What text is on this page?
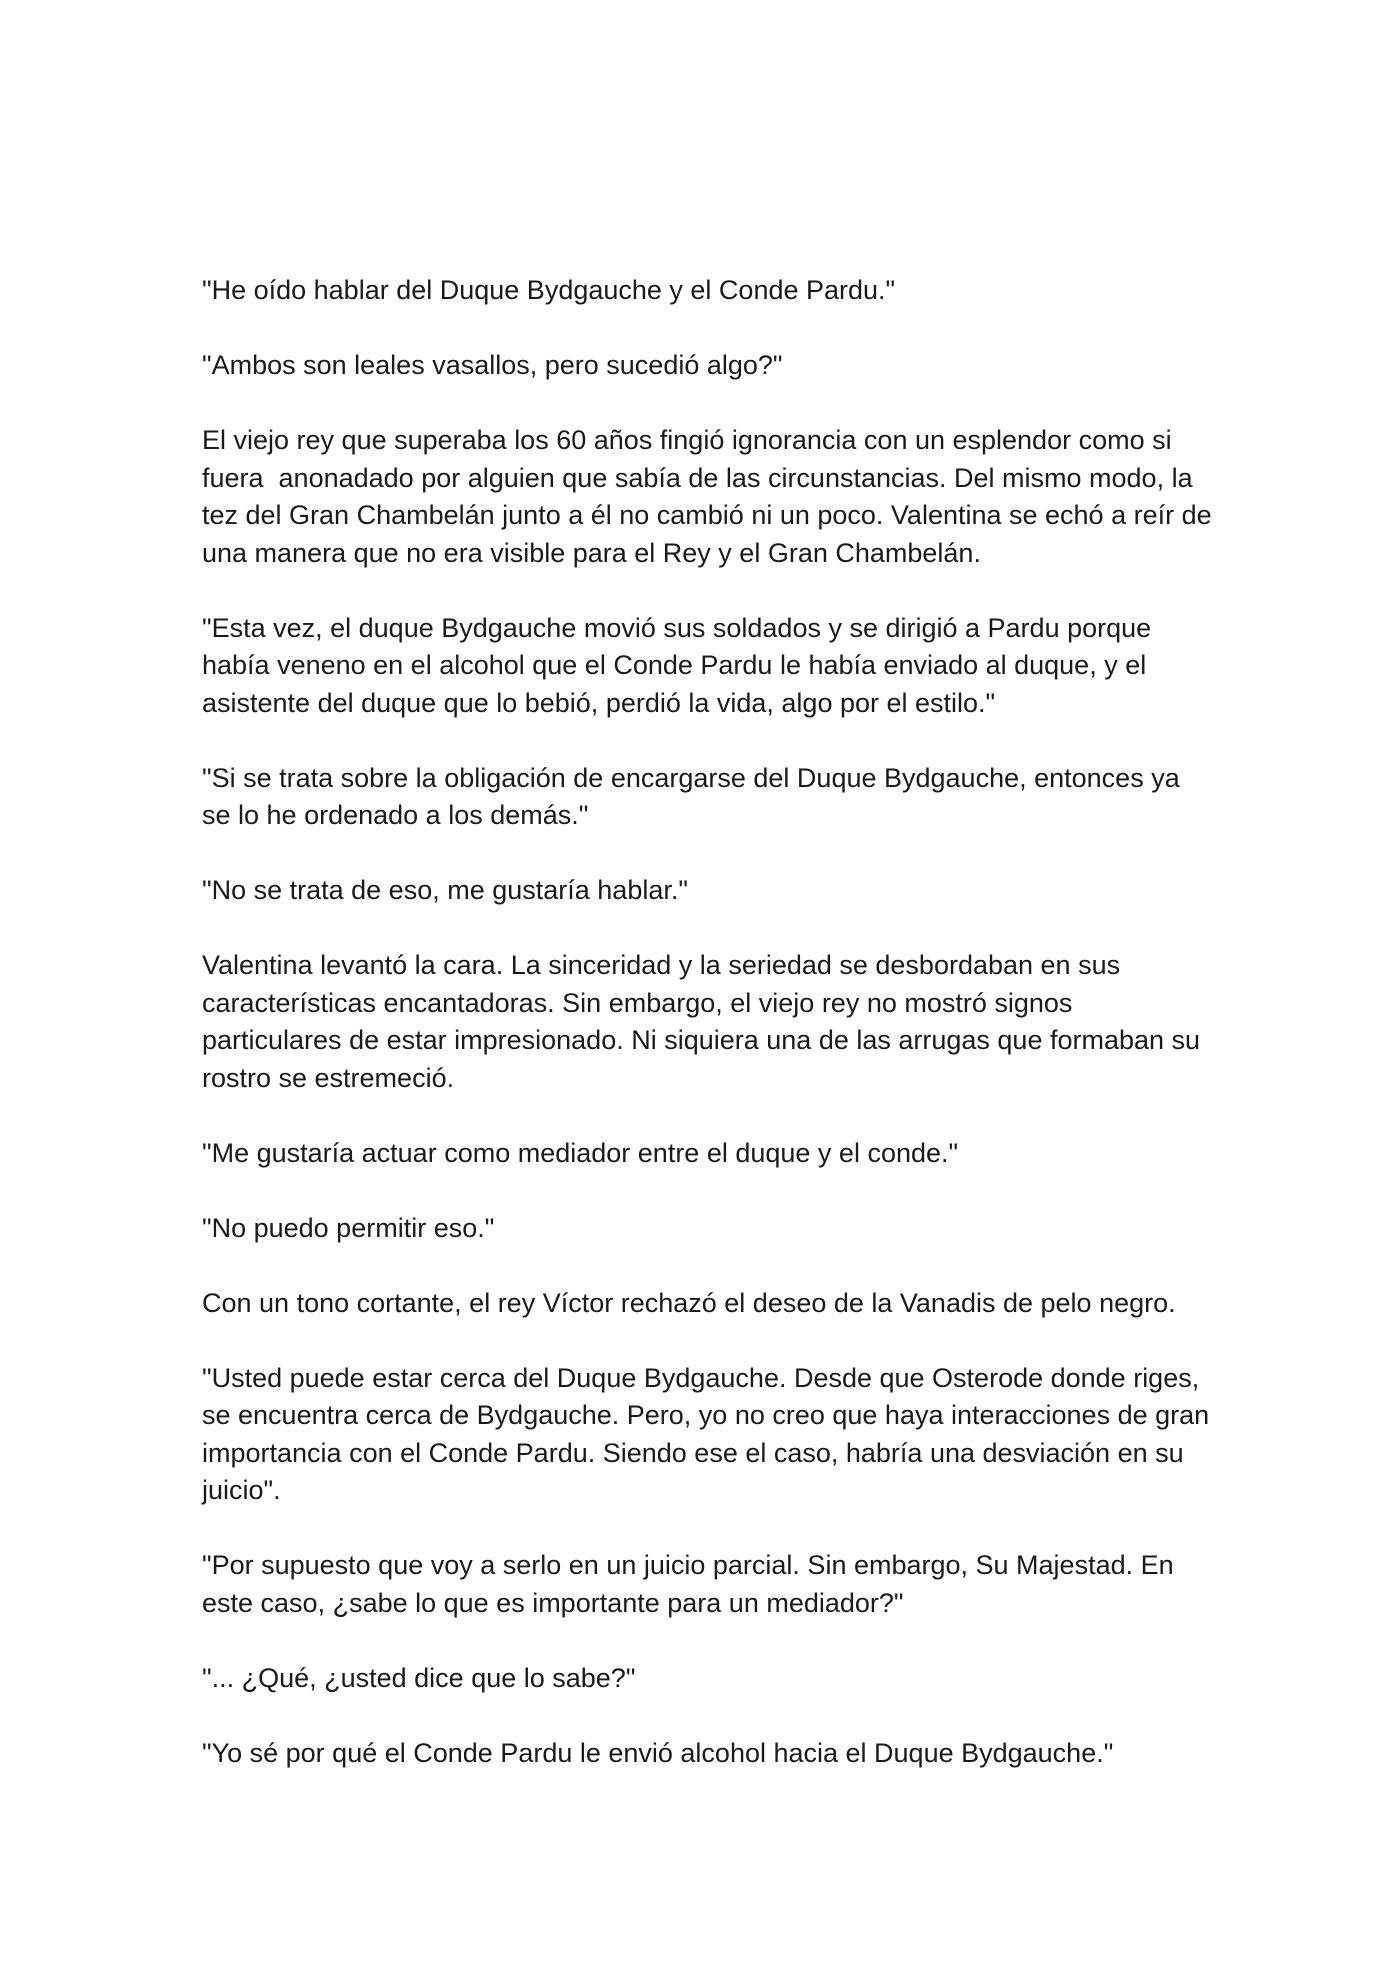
"He oído hablar del Duque Bydgauche y el Conde Pardu."

"Ambos son leales vasallos, pero sucedió algo?"

El viejo rey que superaba los 60 años fingió ignorancia con un esplendor como si fuera  anonadado por alguien que sabía de las circunstancias. Del mismo modo, la tez del Gran Chambelán junto a él no cambió ni un poco. Valentina se echó a reír de una manera que no era visible para el Rey y el Gran Chambelán.

"Esta vez, el duque Bydgauche movió sus soldados y se dirigió a Pardu porque había veneno en el alcohol que el Conde Pardu le había enviado al duque, y el asistente del duque que lo bebió, perdió la vida, algo por el estilo."

"Si se trata sobre la obligación de encargarse del Duque Bydgauche, entonces ya se lo he ordenado a los demás."

"No se trata de eso, me gustaría hablar."

Valentina levantó la cara. La sinceridad y la seriedad se desbordaban en sus características encantadoras. Sin embargo, el viejo rey no mostró signos particulares de estar impresionado. Ni siquiera una de las arrugas que formaban su rostro se estremeció.

"Me gustaría actuar como mediador entre el duque y el conde."

"No puedo permitir eso."

Con un tono cortante, el rey Víctor rechazó el deseo de la Vanadis de pelo negro.

"Usted puede estar cerca del Duque Bydgauche. Desde que Osterode donde riges, se encuentra cerca de Bydgauche. Pero, yo no creo que haya interacciones de gran importancia con el Conde Pardu. Siendo ese el caso, habría una desviación en su juicio".

"Por supuesto que voy a serlo en un juicio parcial. Sin embargo, Su Majestad. En este caso, ¿sabe lo que es importante para un mediador?"

"... ¿Qué, ¿usted dice que lo sabe?"

"Yo sé por qué el Conde Pardu le envió alcohol hacia el Duque Bydgauche."
